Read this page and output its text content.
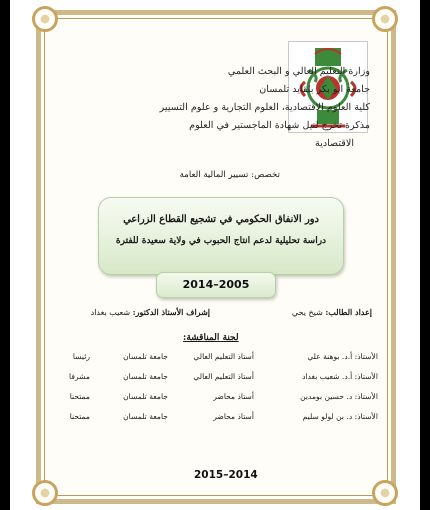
وزارة التعليم العالي و البحث العلمي
جامعة ابو بكر بلقايد تلمسان
كلية العلوم الاقتصادية، العلوم التجارية و علوم التسيير
مذكرة تخرج لنيل شهادة الماجستير في العلوم
الاقتصادية
تخصص: تسيير المالية العامة
دور الانفاق الحكومي في تشجيع القطاع الزراعي
دراسة تحليلية لدعم انتاج الحبوب في ولاية سعيدة للفترة
2014–2005
إعداد الطالب: شيخ يحي
إشراف الأستاذ الدكتور: شعيب بغداد
لجنة المناقشة:
الأستاذ: أ.د. بوهنة علي
أستاذ التعليم العالي
جامعة تلمسان
رئيسا
الأستاذ: أ.د. شعيب بغداد
أستاذ التعليم العالي
جامعة تلمسان
مشرفا
الأستاذ: د. حسين بومدين
أستاذ محاضر
جامعة تلمسان
ممتحنا
الأستاذ: د. بن لولو سليم
أستاذ محاضر
جامعة تلمسان
ممتحنا
2015–2014
